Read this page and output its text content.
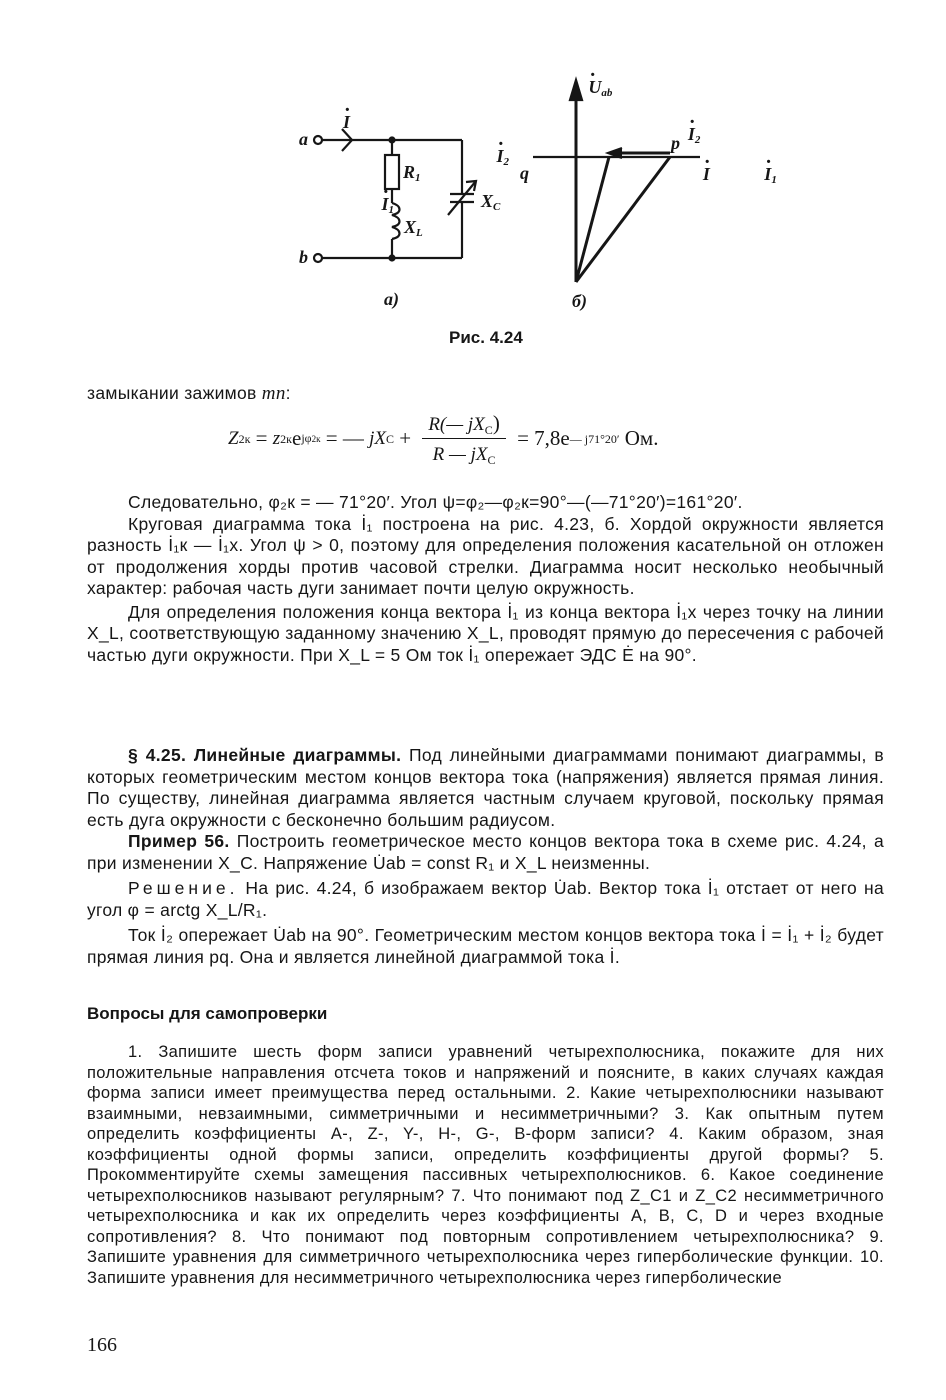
a
b
· I
$R_1$
· $I_1$
$X_L$
· $I_2$
$X_C$
· $U_{ab} \cdot I_2$
p
q	· I	· $I_1$
а)	б)
Рис. 4.24
замыкании зажимов mn:
Z 2к = z 2к e jφ2к = — jX $C + \frac{R(— jX_C)}{R — jX_C} = 7,8e$ — j71°20′ Ом.

Следовательно, φ₂к = — 71°20′. Угол ψ=φ₂—φ₂к=90°—(—71°20′)=161°20′.

Круговая диаграмма тока İ₁ построена на рис. 4.23, б. Хордой окружности является разность İ₁к — İ₁х. Угол ψ > 0, поэтому для определения положения касательной он отложен от продолжения хорды против часовой стрелки. Диаграмма носит несколько необычный характер: рабочая часть дуги занимает почти целую окружность.

Для определения положения конца вектора İ₁ из конца вектора İ₁х через точку на линии X_L, соответствующую заданному значению X_L, проводят прямую до пересечения с рабочей частью дуги окружности. При X_L = 5 Ом ток İ₁ опережает ЭДС Ė на 90°.

§ 4.25. Линейные диаграммы. Под линейными диаграммами понимают диаграммы, в которых геометрическим местом концов вектора тока (напряжения) является прямая линия. По существу, линейная диаграмма является частным случаем круговой, поскольку прямая есть дуга окружности с бесконечно большим радиусом.

Пример 56. Построить геометрическое место концов вектора тока в схеме рис. 4.24, а при изменении X_C. Напряжение U̇ab = const R₁ и X_L неизменны.

Решение. На рис. 4.24, б изображаем вектор U̇ab. Вектор тока İ₁ отстает от него на угол φ = arctg X_L/R₁.

Ток İ₂ опережает U̇ab на 90°. Геометрическим местом концов вектора тока İ = İ₁ + İ₂ будет прямая линия pq. Она и является линейной диаграммой тока İ.

Вопросы для самопроверки

1. Запишите шесть форм записи уравнений четырехполюсника, покажите для них положительные направления отсчета токов и напряжений и поясните, в каких случаях каждая форма записи имеет преимущества перед остальными. 2. Какие четырехполюсники называют взаимными, невзаимными, симметричными и несимметричными? 3. Как опытным путем определить коэффициенты A-, Z-, Y-, H-, G-, B-форм записи? 4. Каким образом, зная коэффициенты одной формы записи, определить коэффициенты другой формы? 5. Прокомментируйте схемы замещения пассивных четырехполюсников. 6. Какое соединение четырехполюсников называют регулярным? 7. Что понимают под Z_C1 и Z_C2 несимметричного четырехполюсника и как их определить через коэффициенты A, B, C, D и через входные сопротивления? 8. Что понимают под повторным сопротивлением четырехполюсника? 9. Запишите уравнения для симметричного четырехполюсника через гиперболические функции. 10. Запишите уравнения для несимметричного четырехполюсника через гиперболические

166
